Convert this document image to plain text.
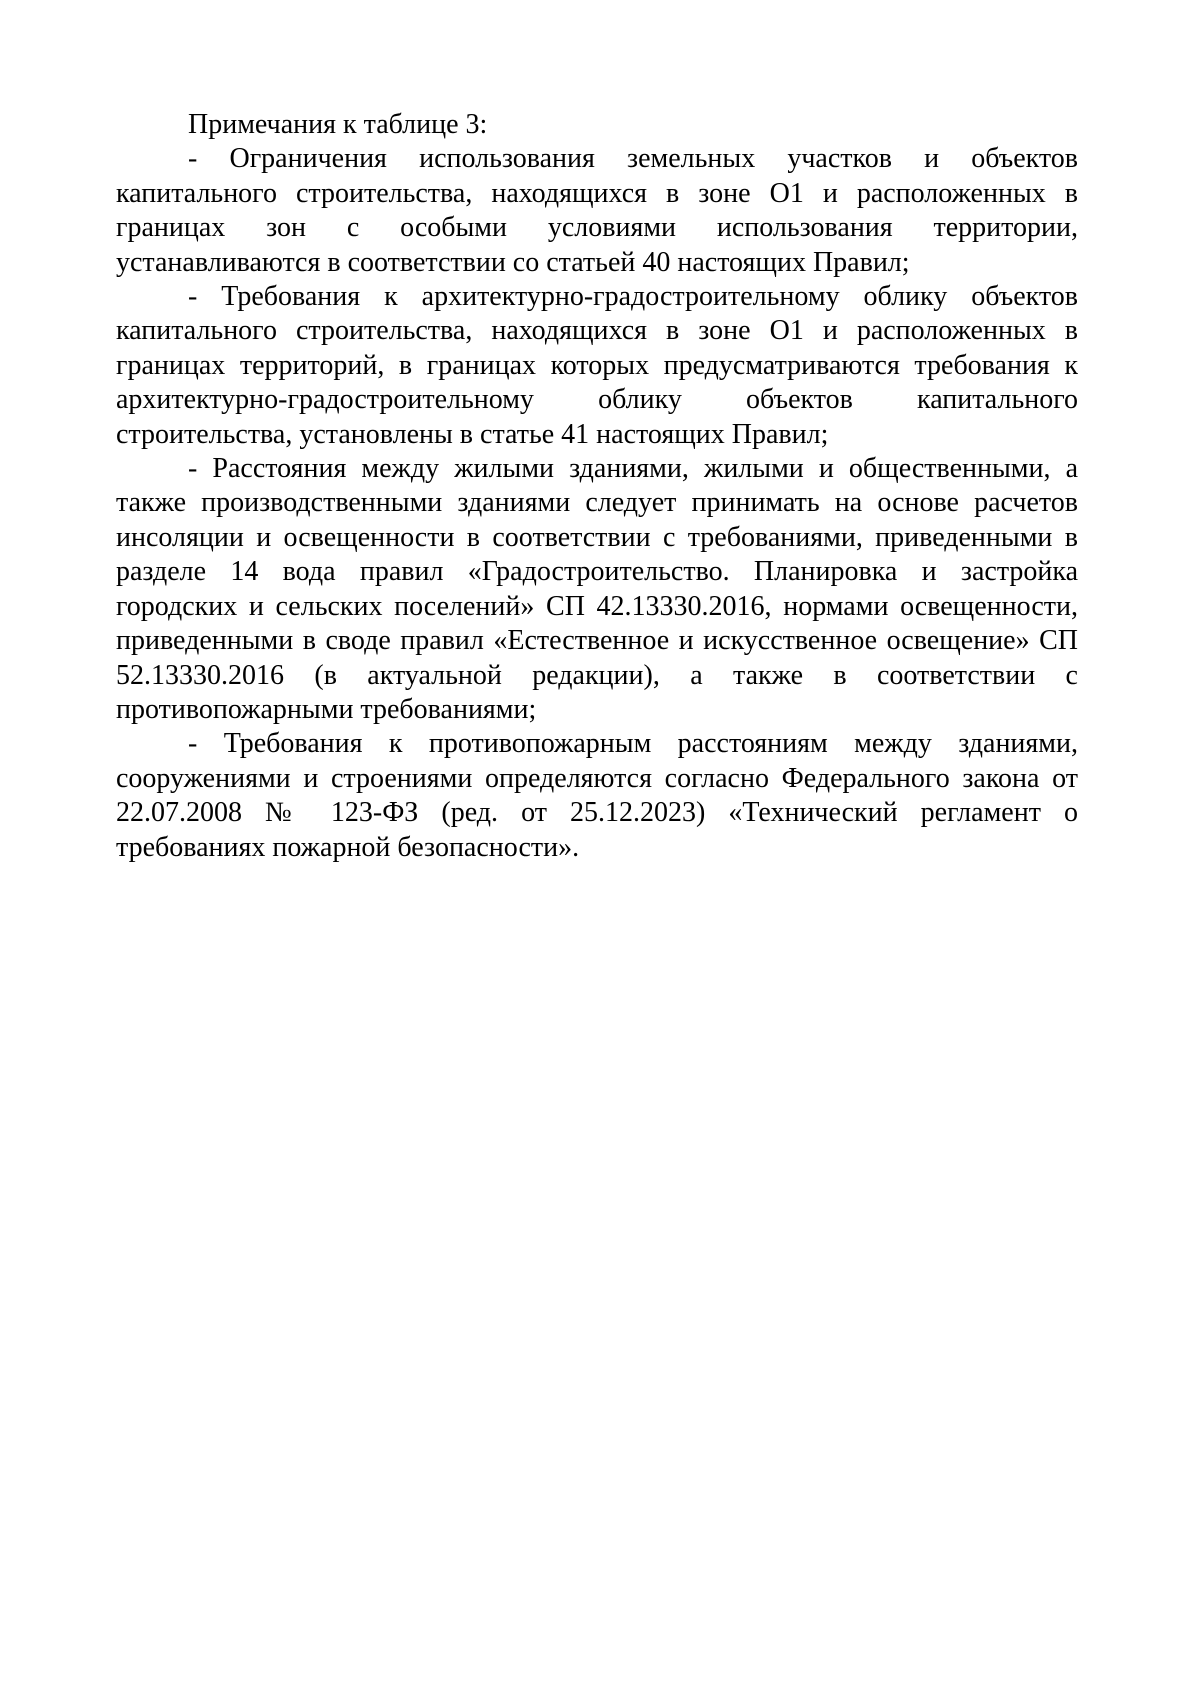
Примечания к таблице 3:

- Ограничения использования земельных участков и объектов капитального строительства, находящихся в зоне О1 и расположенных в границах зон с особыми условиями использования территории, устанавливаются в соответствии со статьей 40 настоящих Правил;

- Требования к архитектурно-градостроительному облику объектов капитального строительства, находящихся в зоне О1 и расположенных в границах территорий, в границах которых предусматриваются требования к архитектурно-градостроительному облику объектов капитального строительства, установлены в статье 41 настоящих Правил;

- Расстояния между жилыми зданиями, жилыми и общественными, а также производственными зданиями следует принимать на основе расчетов инсоляции и освещенности в соответствии с требованиями, приведенными в разделе 14 вода правил «Градостроительство. Планировка и застройка городских и сельских поселений» СП 42.13330.2016, нормами освещенности, приведенными в своде правил «Естественное и искусственное освещение» СП 52.13330.2016 (в актуальной редакции), а также в соответствии с противопожарными требованиями;

- Требования к противопожарным расстояниям между зданиями, сооружениями и строениями определяются согласно Федерального закона от 22.07.2008 № 123-ФЗ (ред. от 25.12.2023) «Технический регламент о требованиях пожарной безопасности».
